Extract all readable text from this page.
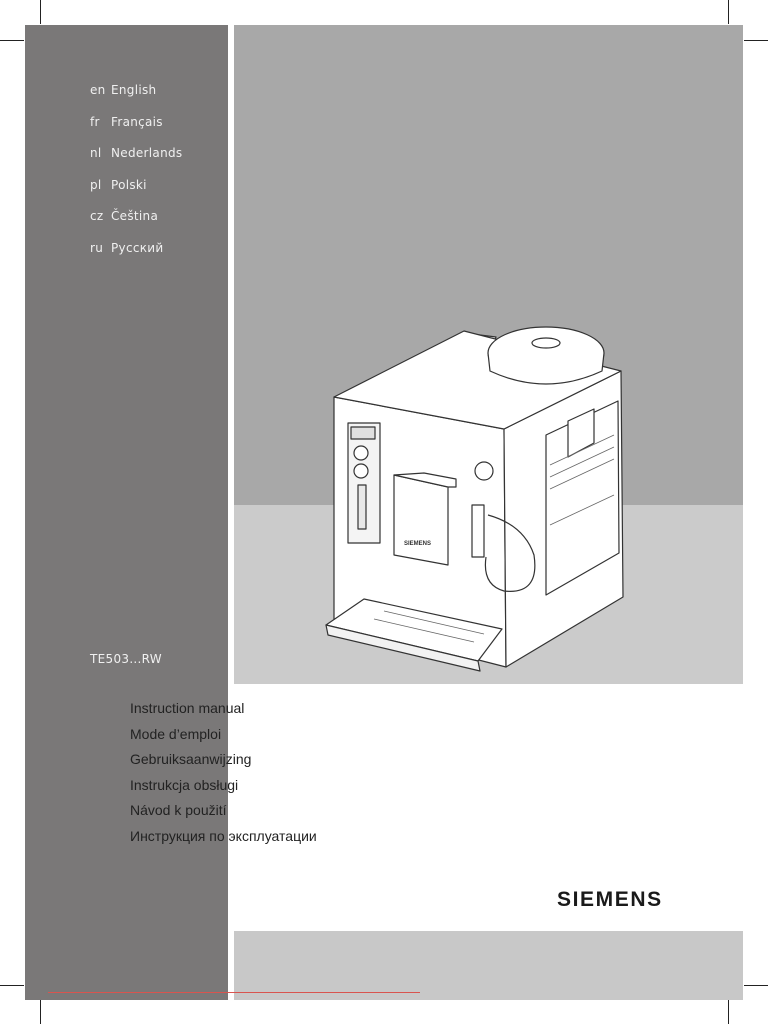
en English
fr Français
nl Nederlands
pl Polski
cz Čeština
ru Русский
TE503...RW
SIEMENS
Instruction manual
Mode d’emploi
Gebruiksaanwijzing
Instrukcja obsługi
Návod k použití
Инструкция по эксплуатации
SIEMENS
